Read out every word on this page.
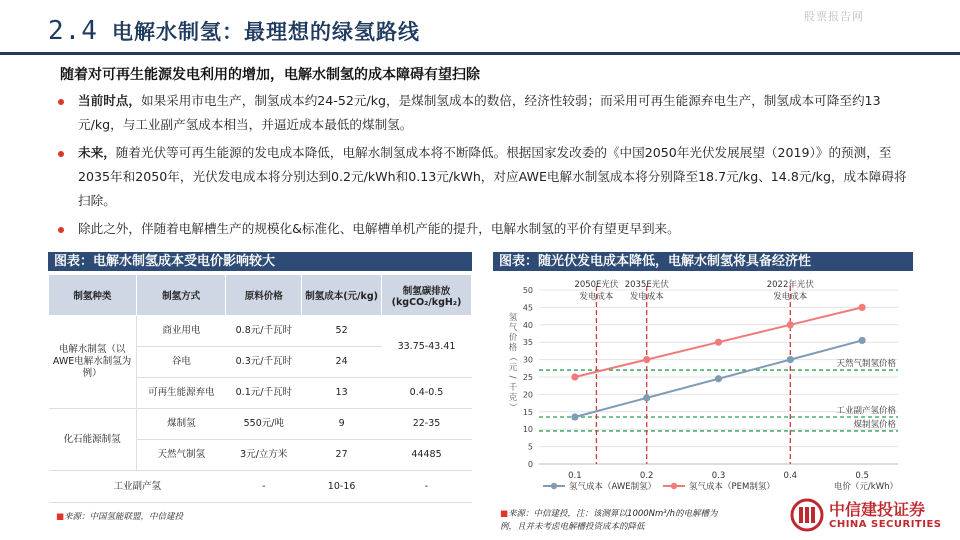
股票报告网
2.4 电解水制氢：最理想的绿氢路线
随着对可再生能源发电利用的增加，电解水制氢的成本障碍有望扫除
当前时点，如果采用市电生产，制氢成本约24-52元/kg，是煤制氢成本的数倍，经济性较弱；而采用可再生能源弃电生产，制氢成本可降至约13元/kg，与工业副产氢成本相当，并逼近成本最低的煤制氢。
未来，随着光伏等可再生能源的发电成本降低，电解水制氢成本将不断降低。根据国家发改委的《中国2050年光伏发展展望（2019）》的预测，至2035年和2050年，光伏发电成本将分别达到0.2元/kWh和0.13元/kWh，对应AWE电解水制氢成本将分别降至18.7元/kg、14.8元/kg，成本障碍将扫除。
除此之外，伴随着电解槽生产的规模化&标准化、电解槽单机产能的提升，电解水制氢的平价有望更早到来。
图表：电解水制氢成本受电价影响较大	图表：随光伏发电成本降低，电解水制氢将具备经济性
制氢种类	制氢方式	原料价格	制氢成本(元/kg)	制氢碳排放
(kgCO₂/kgH₂)
电解水制氢（以AWE电解水制氢为例）	商业用电	0.8元/千瓦时	52	33.75-43.41
	谷电	0.3元/千瓦时	24	
	可再生能源弃电	0.1元/千瓦时	13	0.4-0.5
化石能源制氢	煤制氢	550元/吨	9	22-35
	天然气制氢	3元/立方米	27	44485
工业副产氢		-	10-16	-
■来源：中国氢能联盟，中信建投
0
5
10
15
20
25
30
35
40
45
50
0.1	0.2	0.3	0.4	0.5
氢
气
价
格
（
元
/
千
克
）
天然气制氢价格
工业副产氢价格
煤制氢价格
2050E光伏
发电成本
2035E光伏
发电成本
2022年光伏
发电成本
氢气成本（AWE制氢）	氢气成本（PEM制氢）	电价（元/kWh）
■来源：中信建投，注：该测算以1000Nm³/h的电解槽为
例，且并未考虑电解槽投资成本的降低
中信建投证券
CHINA SECURITIES
